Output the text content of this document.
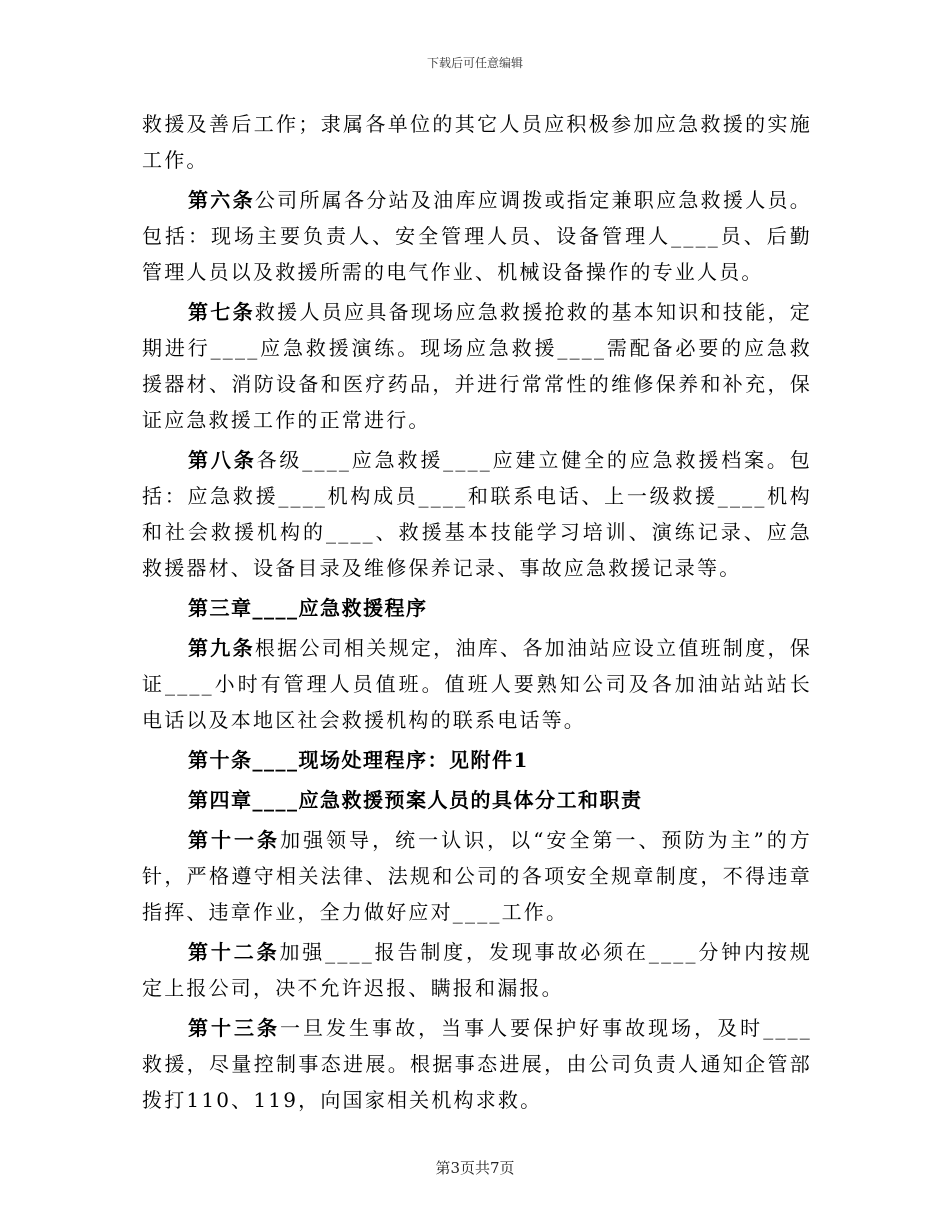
下载后可任意编辑

救援及善后工作；隶属各单位的其它人员应积极参加应急救援的实施工作。

第六条公司所属各分站及油库应调拨或指定兼职应急救援人员。包括：现场主要负责人、安全管理人员、设备管理人____员、后勤管理人员以及救援所需的电气作业、机械设备操作的专业人员。

第七条救援人员应具备现场应急救援抢救的基本知识和技能，定期进行____应急救援演练。现场应急救援____需配备必要的应急救援器材、消防设备和医疗药品，并进行常常性的维修保养和补充，保证应急救援工作的正常进行。

第八条各级____应急救援____应建立健全的应急救援档案。包括：应急救援____机构成员____和联系电话、上一级救援____机构和社会救援机构的____、救援基本技能学习培训、演练记录、应急救援器材、设备目录及维修保养记录、事故应急救援记录等。

第三章____应急救援程序

第九条根据公司相关规定，油库、各加油站应设立值班制度，保证____小时有管理人员值班。值班人要熟知公司及各加油站站站长电话以及本地区社会救援机构的联系电话等。

第十条____现场处理程序：见附件1

第四章____应急救援预案人员的具体分工和职责

第十一条加强领导，统一认识，以“安全第一、预防为主”的方针，严格遵守相关法律、法规和公司的各项安全规章制度，不得违章指挥、违章作业，全力做好应对____工作。

第十二条加强____报告制度，发现事故必须在____分钟内按规定上报公司，决不允许迟报、瞒报和漏报。

第十三条一旦发生事故，当事人要保护好事故现场，及时____救援，尽量控制事态进展。根据事态进展，由公司负责人通知企管部拨打110、119，向国家相关机构求救。

第3页共7页
